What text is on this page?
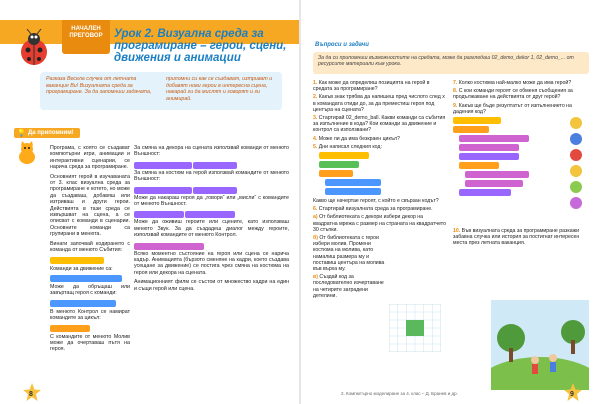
НАЧАЛЕН ПРЕГОВОР Урок 2. Визуална среда за програмиране – герои, сцени, движения и анимации
Разказа Весела случка от летната ваканция Ви! Визуалната среда за програмиране. За да запомниш задачата,
припомни си как се създават, изтриват и добавят нови герои в интересна сцена, накарай ги да мислят и говорят и ги анимирай.
💡 Да припомним!

Програма, с която се създават компютърни игри, анимации и интерактивни сценарии, се нарича среда за програмиране.

Основният герой в изучаваната от 3. клас визуална среда за програмиране е котето, но може да създаваш, добавяш или изтриваш и други герои. Действията в тази среда се извършват на сцена, а се описват с команди в сценарии. Основните команди са групирани в менюта.

Винаги започвай кодирането с команда от менюто Събития:

Команди за движение са:

Може да обръщаш или завъртащ героя с команди:

В менюто Контрол се намират командите за цикъл:

С командите от менюто Молив може да очертаваш пътя на героя.

За смяна на декора на сцената използвай команди от менюто Външност:

За смяна на костюм на герой използвай командите от менюто Външност:

Може да накараш героя да „говори“ или „мисли“ с командите от менюто Външност.

Може да оживиш героите или сцените, като използваш менюто Звук. За да създадеш диалог между героите, използвай командите от менюто Контрол.

Всяко моментно състояние на героя или сцена се нарича кадър. Анимацията (бързото сменяне на кадри, което създава усещане за движение) се постига чрез смяна на костюма на героя или декора на сцената.

Анимационният филм се състои от множество кадри на един и същи герой или сцена.

8
Въпроси и задачи
За да си припомниш възможностите на средата, може да разгледаш 02_demo_dekor 1, 02_demo_... от ресурсите материали към урока.

1. Как може да определиш позицията на герой в средата за програмиране?

2. Какъв знак трябва да напишеш пред числото след x в командата отиди до, за да преместиш героя под центъра на сцената?

3. Стартирай 02_demo_ball. Какви команди са събития за изпълнение в кода? Кои команди за движение и контрол са използвани?

4. Може ли да има безкраен цикъл?

5. Дни написал следния код:

Какво ще начертае героят, с който е свързан кодът?

6. Стартирай визуалната среда за програмиране.

а) От библиотеката с декори избери декор на квадратна мрежа с размер на страната на квадратчето 30 стъпки.

б) От библиотеката с герои избери молив. Промени костюма на молива, като намалиш размера му и поставиш центъра на молива във върха му.

в) Създай код за последователно изчертаване на четирите заградени детелини.

7. Колко костюма най-малко може да има герой?

8. С кои команди героят се обменя съобщения за продължаване на действията от друг герой?

9. Какъв ще бъде резултатът от изпълнението на дадения код?

10. Във визуалната среда за програмиране разкажи забавна случка или история за постигнат интересен места през летната ваканция.

2. Компютърно моделиране за 4. клас – Д. Бранев и др.	9
